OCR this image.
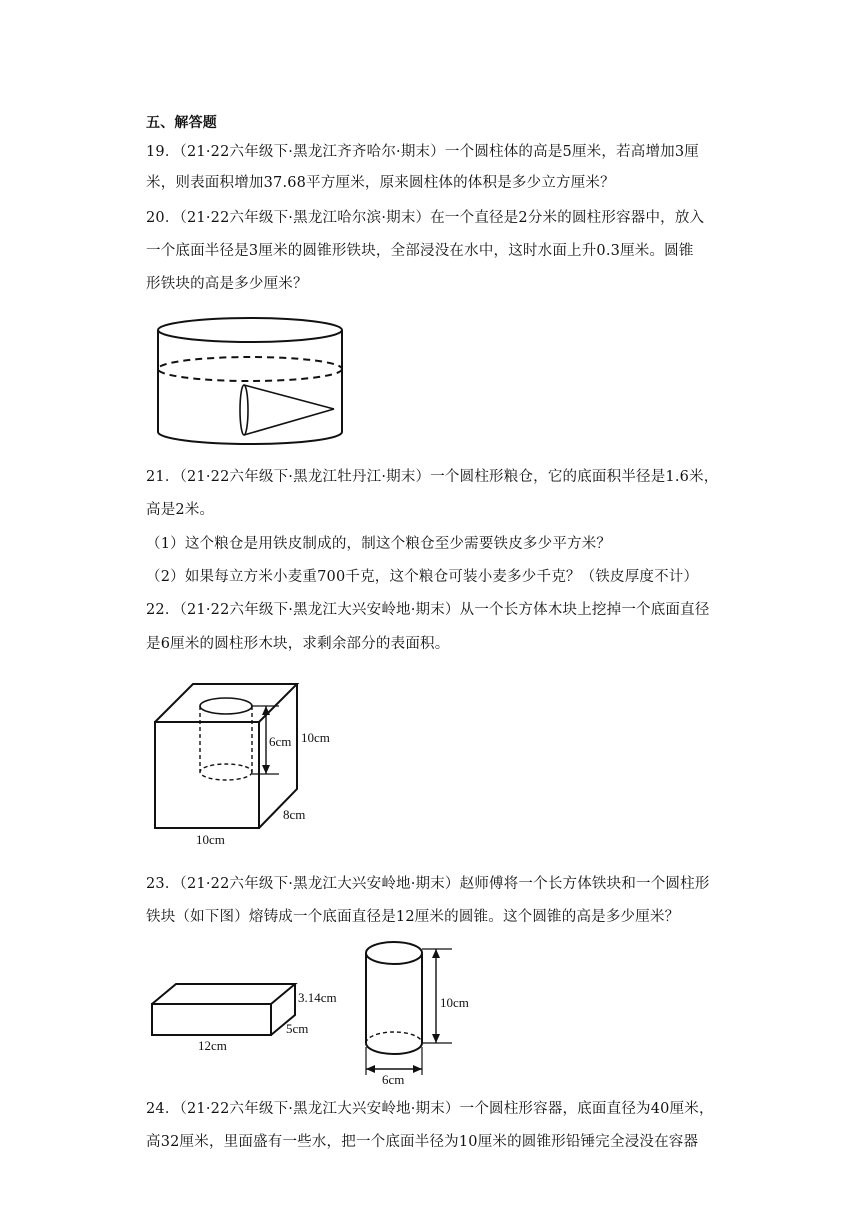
五、解答题
19．（21·22六年级下·黑龙江齐齐哈尔·期末）一个圆柱体的高是5厘米，若高增加3厘
米，则表面积增加37.68平方厘米，原来圆柱体的体积是多少立方厘米？
20．（21·22六年级下·黑龙江哈尔滨·期末）在一个直径是2分米的圆柱形容器中，放入
一个底面半径是3厘米的圆锥形铁块，全部浸没在水中，这时水面上升0.3厘米。圆锥
形铁块的高是多少厘米？
21．（21·22六年级下·黑龙江牡丹江·期末）一个圆柱形粮仓，它的底面积半径是1.6米，
高是2米。
（1）这个粮仓是用铁皮制成的，制这个粮仓至少需要铁皮多少平方米？
（2）如果每立方米小麦重700千克，这个粮仓可装小麦多少千克？（铁皮厚度不计）
22．（21·22六年级下·黑龙江大兴安岭地·期末）从一个长方体木块上挖掉一个底面直径
是6厘米的圆柱形木块，求剩余部分的表面积。
6cm 10cm
8cm
10cm
23．（21·22六年级下·黑龙江大兴安岭地·期末）赵师傅将一个长方体铁块和一个圆柱形
铁块（如下图）熔铸成一个底面直径是12厘米的圆锥。这个圆锥的高是多少厘米？
3.14cm
5cm
12cm
10cm
6cm
24．（21·22六年级下·黑龙江大兴安岭地·期末）一个圆柱形容器，底面直径为40厘米，
高32厘米，里面盛有一些水，把一个底面半径为10厘米的圆锥形铅锤完全浸没在容器
